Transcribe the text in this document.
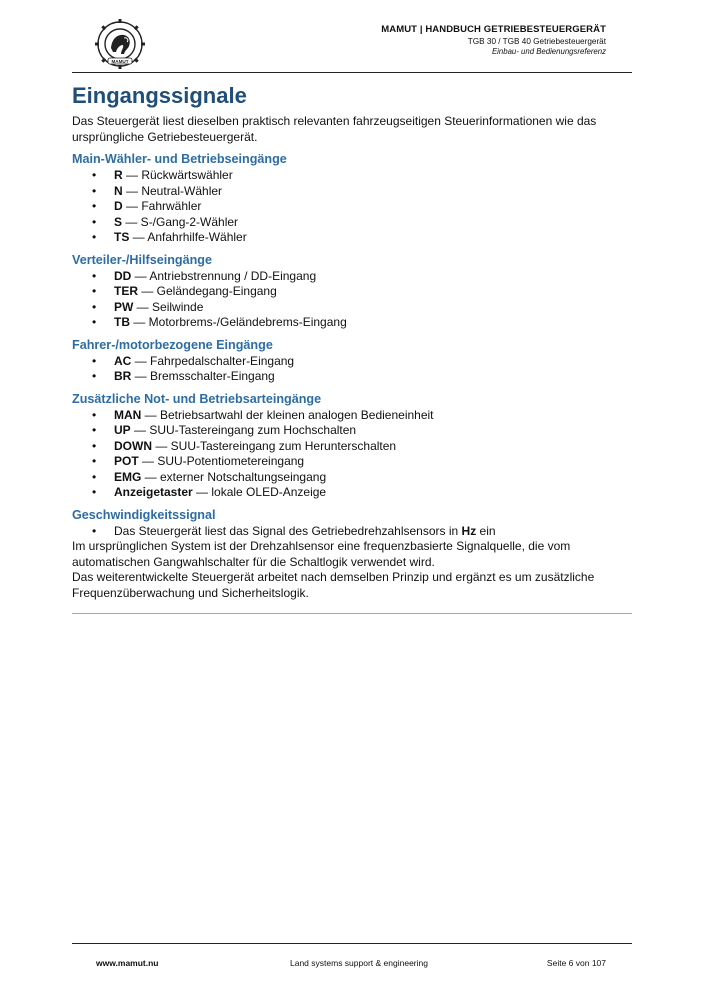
MAMUT
MAMUT | HANDBUCH GETRIEBESTEUERGERÄT
TGB 30 / TGB 40 Getriebesteuergerät
Einbau- und Bedienungsreferenz
Eingangssignale

Das Steuergerät liest dieselben praktisch relevanten fahrzeugseitigen Steuerinformationen wie das ursprüngliche Getriebesteuergerät.

Main-Wähler- und Betriebseingänge
• R — Rückwärtswähler
• N — Neutral-Wähler
• D — Fahrwähler
• S — S-/Gang-2-Wähler
• TS — Anfahrhilfe-Wähler
Verteiler-/Hilfseingänge
• DD — Antriebstrennung / DD-Eingang
• TER — Geländegang-Eingang
• PW — Seilwinde
• TB — Motorbrems-/Geländebrems-Eingang
Fahrer-/motorbezogene Eingänge
• AC — Fahrpedalschalter-Eingang
• BR — Bremsschalter-Eingang
Zusätzliche Not- und Betriebsarteingänge
• MAN — Betriebsartwahl der kleinen analogen Bedieneinheit
• UP — SUU-Tastereingang zum Hochschalten
• DOWN — SUU-Tastereingang zum Herunterschalten
• POT — SUU-Potentiometereingang
• EMG — externer Notschaltungseingang
• Anzeigetaster — lokale OLED-Anzeige
Geschwindigkeitssignal
• Das Steuergerät liest das Signal des Getriebedrehzahlsensors in Hz ein

Im ursprünglichen System ist der Drehzahlsensor eine frequenzbasierte Signalquelle, die vom automatischen Gangwahlschalter für die Schaltlogik verwendet wird.

Das weiterentwickelte Steuergerät arbeitet nach demselben Prinzip und ergänzt es um zusätzliche Frequenzüberwachung und Sicherheitslogik.

www.mamut.nu	Land systems support & engineering	Seite 6 von 107
